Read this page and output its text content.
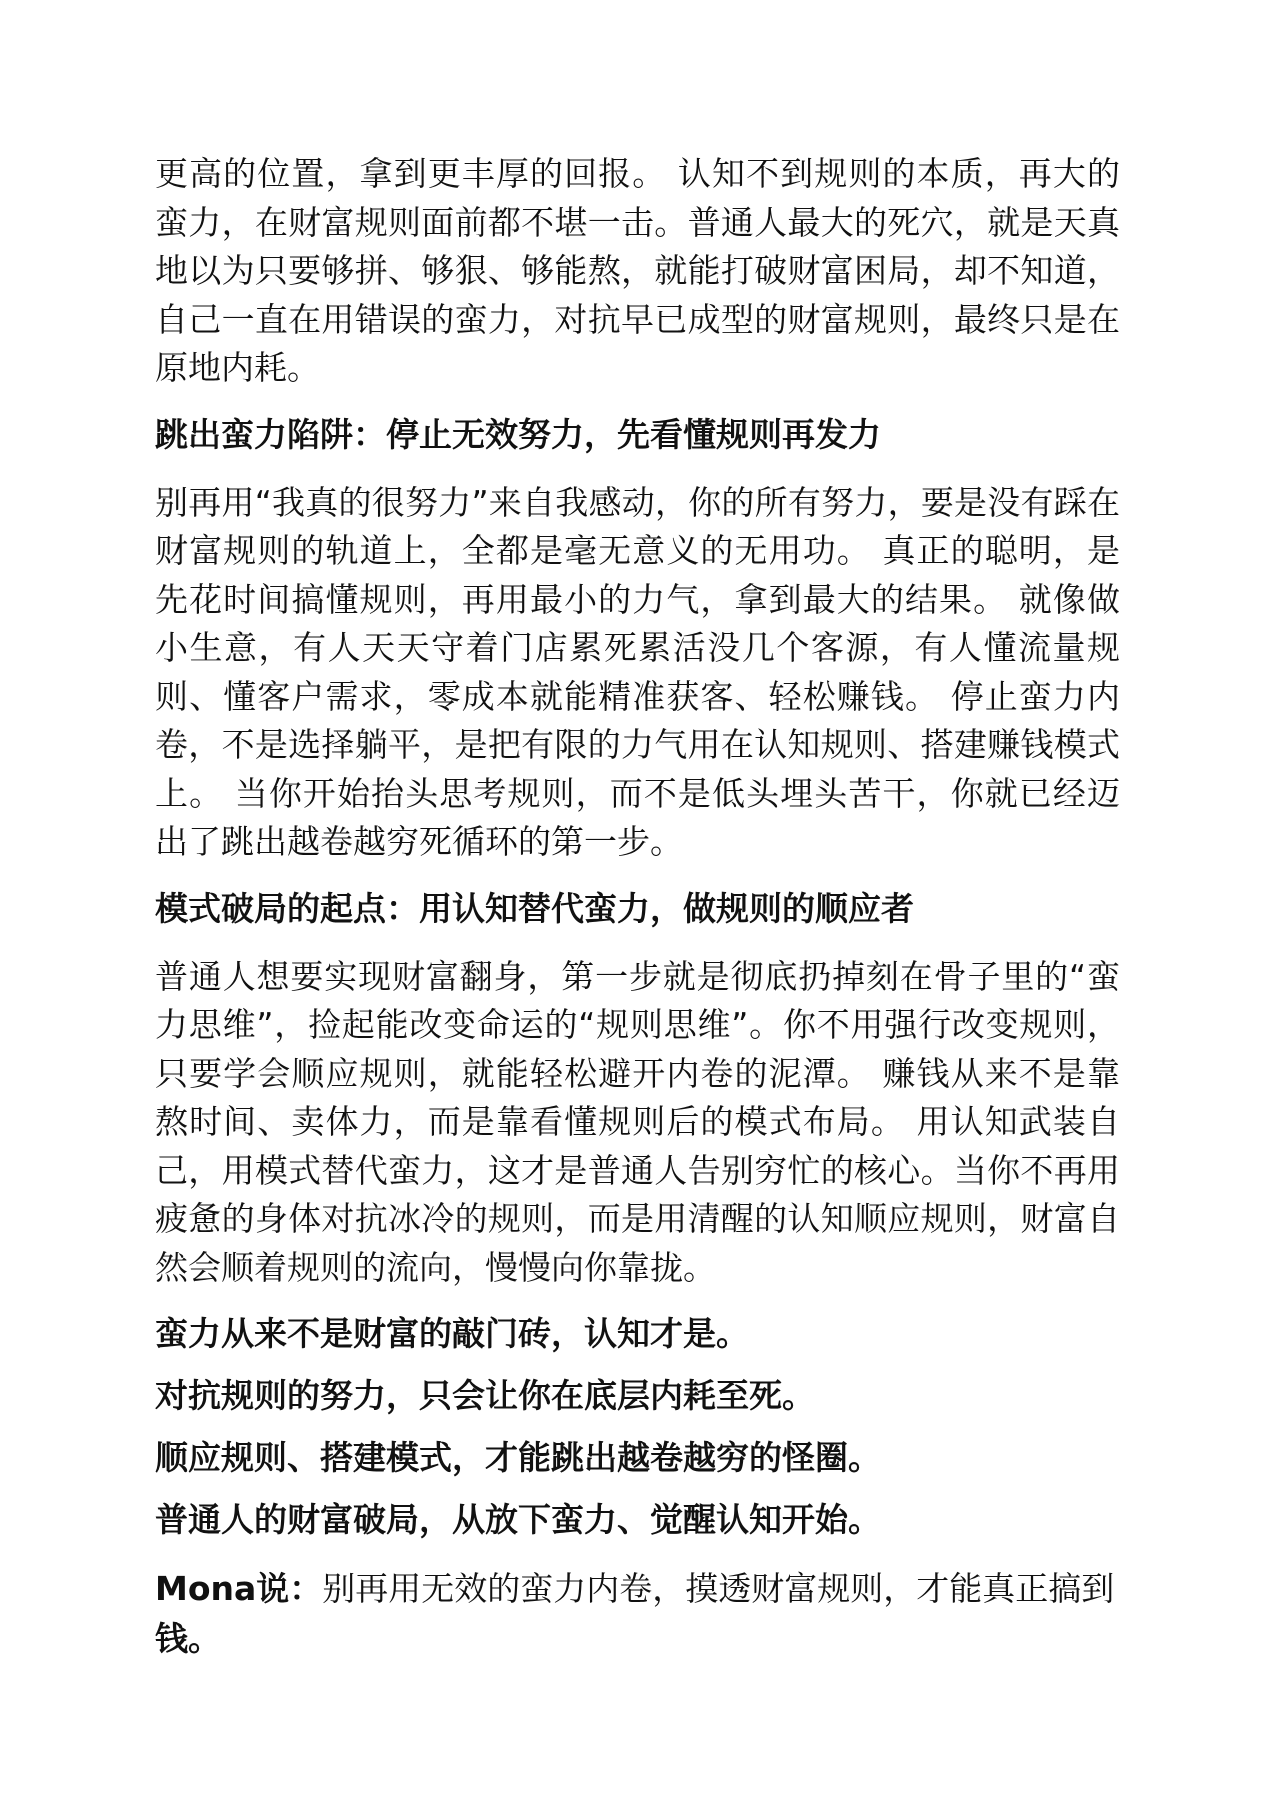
更高的位置，拿到更丰厚的回报。 认知不到规则的本质，再大的蛮力，在财富规则面前都不堪一击。普通人最大的死穴，就是天真地以为只要够拼、够狠、够能熬，就能打破财富困局，却不知道，自己一直在用错误的蛮力，对抗早已成型的财富规则，最终只是在原地内耗。

跳出蛮力陷阱：停止无效努力，先看懂规则再发力

别再用“我真的很努力”来自我感动，你的所有努力，要是没有踩在财富规则的轨道上，全都是毫无意义的无用功。 真正的聪明，是先花时间搞懂规则，再用最小的力气，拿到最大的结果。 就像做小生意，有人天天守着门店累死累活没几个客源，有人懂流量规则、懂客户需求，零成本就能精准获客、轻松赚钱。 停止蛮力内卷，不是选择躺平，是把有限的力气用在认知规则、搭建赚钱模式上。 当你开始抬头思考规则，而不是低头埋头苦干，你就已经迈出了跳出越卷越穷死循环的第一步。

模式破局的起点：用认知替代蛮力，做规则的顺应者

普通人想要实现财富翻身，第一步就是彻底扔掉刻在骨子里的“蛮力思维”，捡起能改变命运的“规则思维”。你不用强行改变规则，只要学会顺应规则，就能轻松避开内卷的泥潭。 赚钱从来不是靠熬时间、卖体力，而是靠看懂规则后的模式布局。 用认知武装自己，用模式替代蛮力，这才是普通人告别穷忙的核心。当你不再用疲惫的身体对抗冰冷的规则，而是用清醒的认知顺应规则，财富自然会顺着规则的流向，慢慢向你靠拢。

蛮力从来不是财富的敲门砖，认知才是。
对抗规则的努力，只会让你在底层内耗至死。
顺应规则、搭建模式，才能跳出越卷越穷的怪圈。
普通人的财富破局，从放下蛮力、觉醒认知开始。

Mona说：别再用无效的蛮力内卷，摸透财富规则，才能真正搞到钱。
